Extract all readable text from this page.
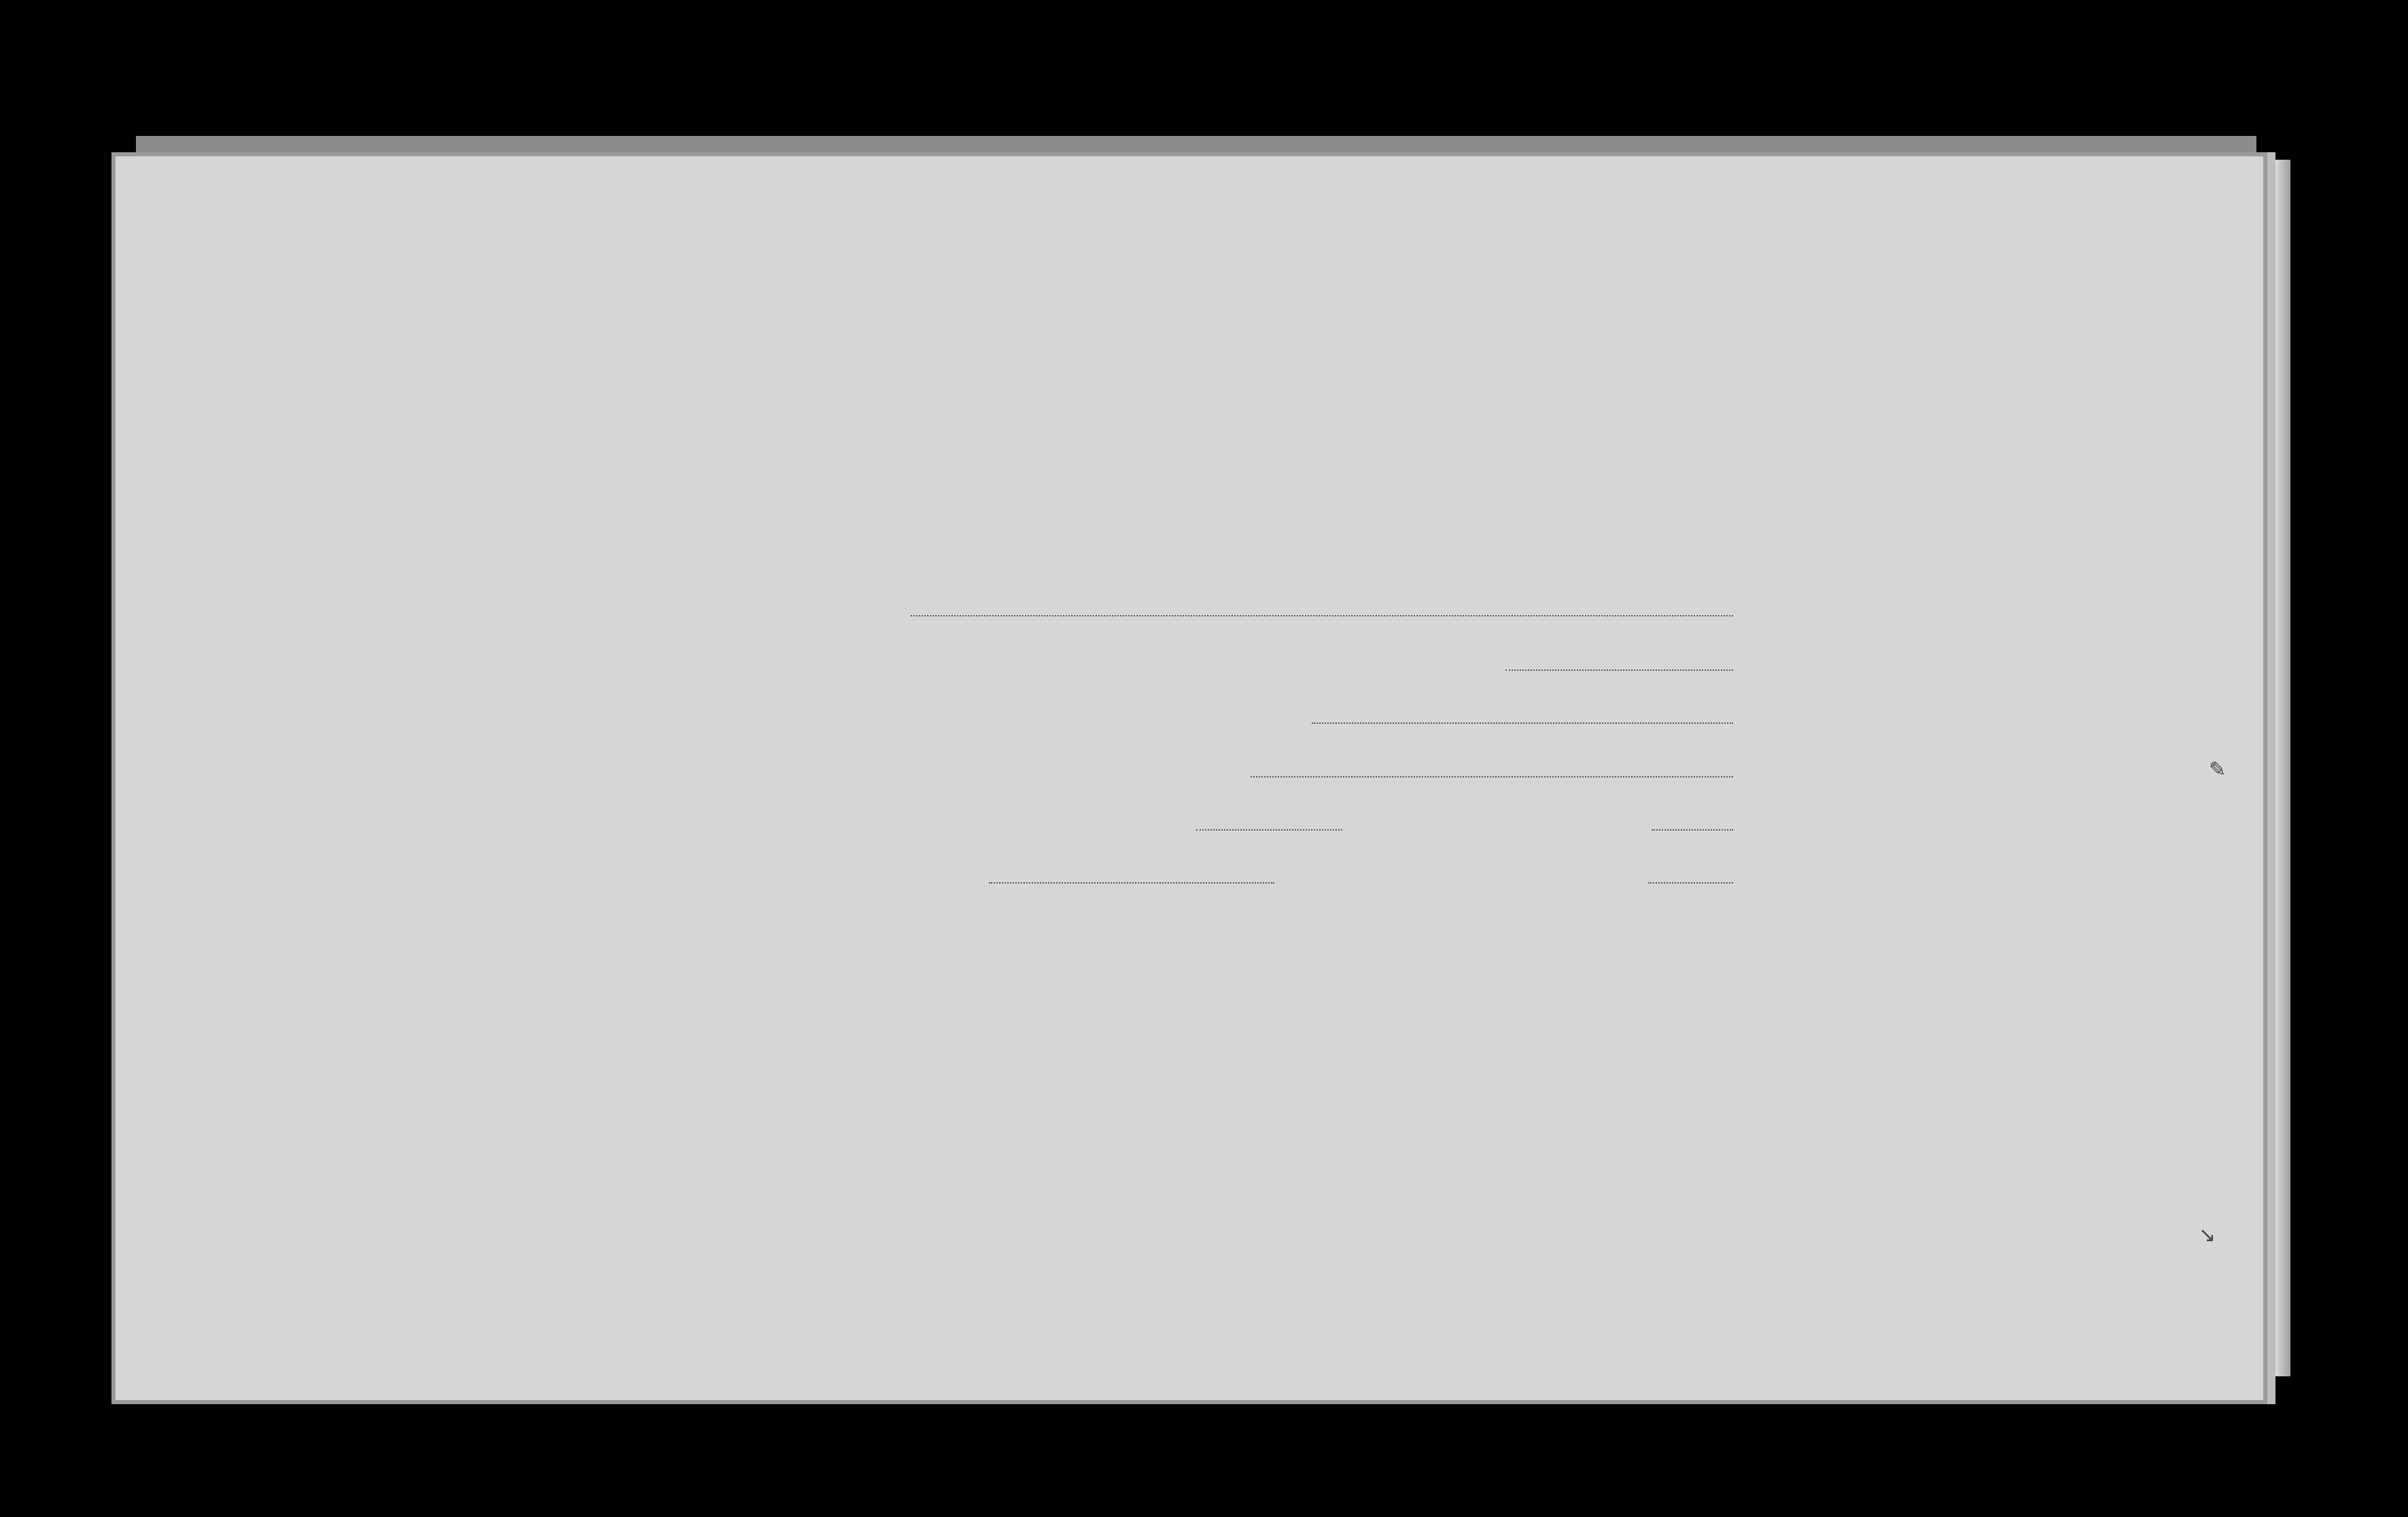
✎
↘
